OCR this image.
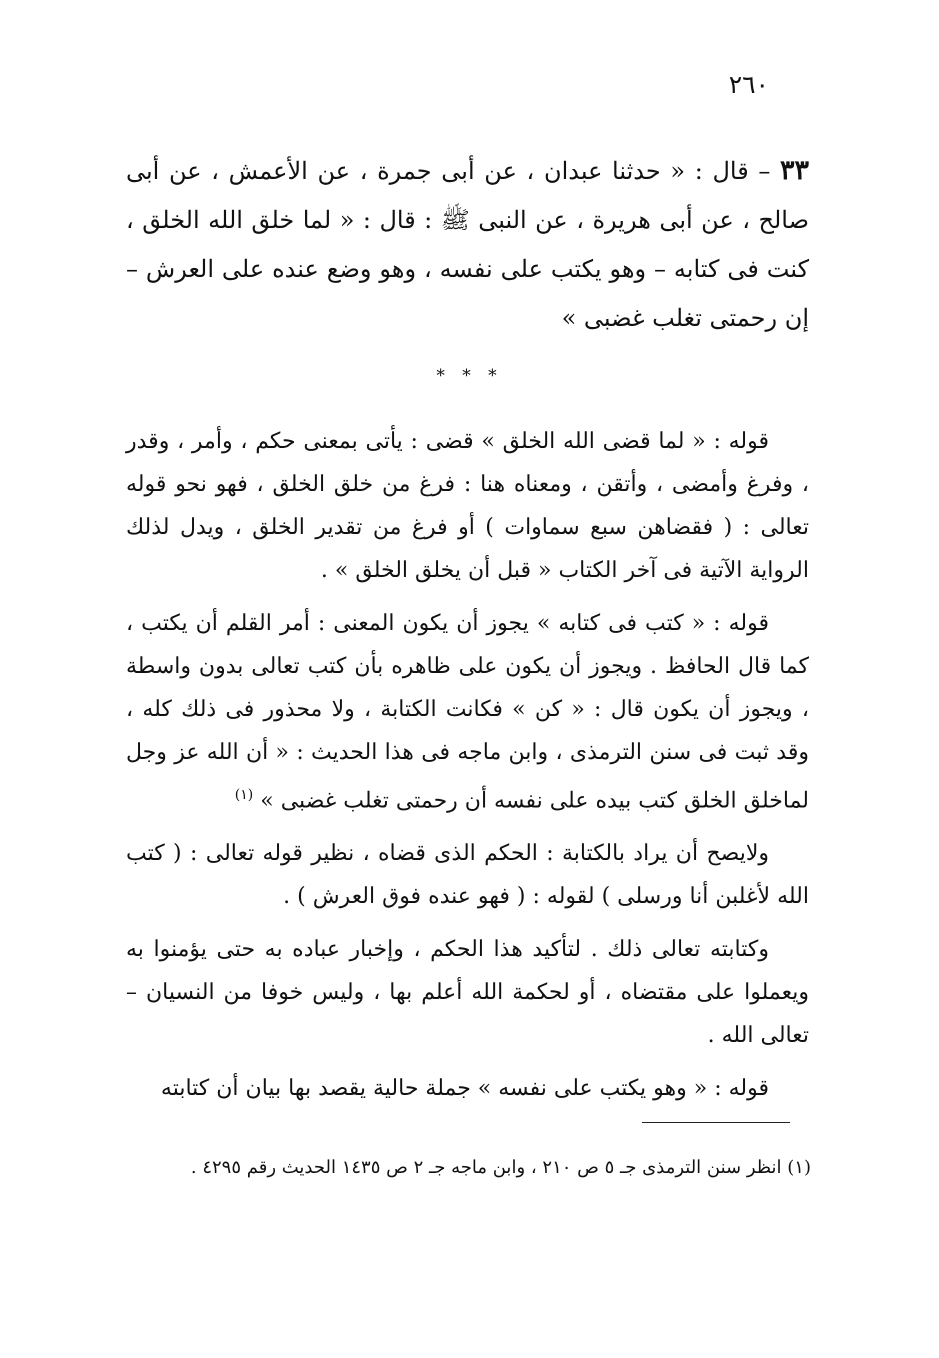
٢٦٠
٣٣ – قال : « حدثنا عبدان ، عن أبى جمرة ، عن الأعمش ، عن أبى صالح ، عن أبى هريرة ، عن النبى ﷺ : قال : « لما خلق الله الخلق ، كنت فى كتابه – وهو يكتب على نفسه ، وهو وضع عنده على العرش – إن رحمتى تغلب غضبى »
* * *

قوله : « لما قضى الله الخلق » قضى : يأتى بمعنى حكم ، وأمر ، وقدر ، وفرغ وأمضى ، وأتقن ، ومعناه هنا : فرغ من خلق الخلق ، فهو نحو قوله تعالى : ( فقضاهن سبع سماوات ) أو فرغ من تقدير الخلق ، ويدل لذلك الرواية الآتية فى آخر الكتاب « قبل أن يخلق الخلق » .

قوله : « كتب فى كتابه » يجوز أن يكون المعنى : أمر القلم أن يكتب ، كما قال الحافظ . ويجوز أن يكون على ظاهره بأن كتب تعالى بدون واسطة ، ويجوز أن يكون قال : « كن » فكانت الكتابة ، ولا محذور فى ذلك كله ، وقد ثبت فى سنن الترمذى ، وابن ماجه فى هذا الحديث : « أن الله عز وجل لماخلق الخلق كتب بيده على نفسه أن رحمتى تغلب غضبى » $^{(١)}$

ولايصح أن يراد بالكتابة : الحكم الذى قضاه ، نظير قوله تعالى : ( كتب الله لأغلبن أنا ورسلى ) لقوله : ( فهو عنده فوق العرش ) .

وكتابته تعالى ذلك . لتأكيد هذا الحكم ، وإخبار عباده به حتى يؤمنوا به ويعملوا على مقتضاه ، أو لحكمة الله أعلم بها ، وليس خوفا من النسيان – تعالى الله .

قوله : « وهو يكتب على نفسه » جملة حالية يقصد بها بيان أن كتابته

(١) انظر سنن الترمذى جـ ٥ ص ٢١٠ ، وابن ماجه جـ ٢ ص ١٤٣٥ الحديث رقم ٤٢٩٥ .
